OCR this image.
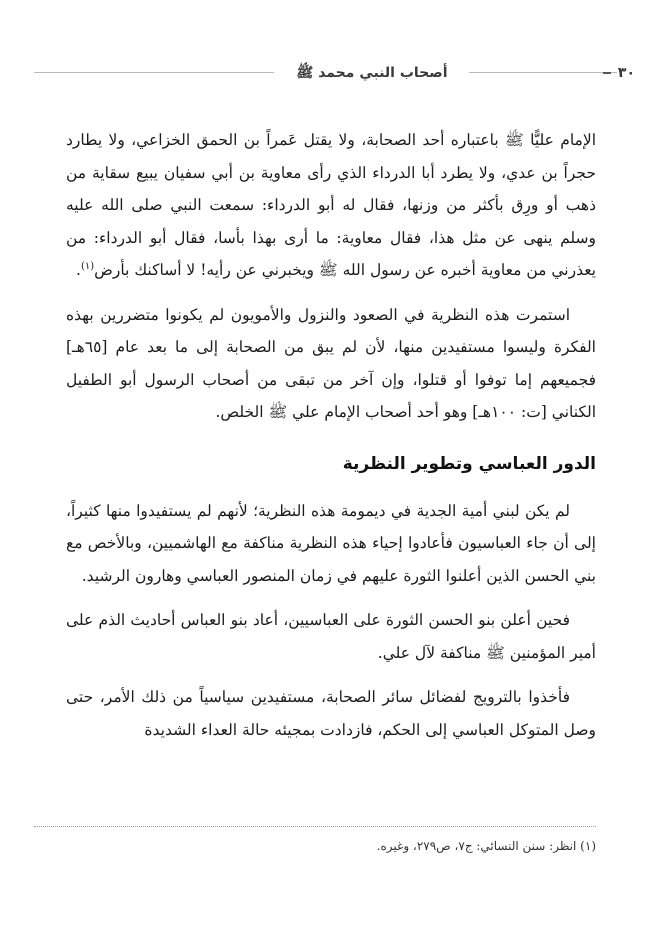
أصحاب النبي محمد ﷺ	٣٠

الإمام عليًّا ﷺ باعتباره أحد الصحابة، ولا يقتل عَمراً بن الحمق الخزاعي، ولا يطارد حجراً بن عدي، ولا يطرد أبا الدرداء الذي رأى معاوية بن أبي سفيان يبيع سقاية من ذهب أو ورِق بأكثر من وزنها، فقال له أبو الدرداء: سمعت النبي صلى الله عليه وسلم ينهى عن مثل هذا، فقال معاوية: ما أرى بهذا بأسا، فقال أبو الدرداء: من يعذرني من معاوية أخبره عن رسول الله ﷺ ويخبرني عن رأيه! لا أساكنك بأرض$^{(١)}$.

استمرت هذه النظرية في الصعود والنزول والأمويون لم يكونوا متضررين بهذه الفكرة وليسوا مستفيدين منها، لأن لم يبق من الصحابة إلى ما بعد عام [٦٥هـ] فجميعهم إما توفوا أو قتلوا، وإن آخر من تبقى من أصحاب الرسول أبو الطفيل الكناني [ت: ١٠٠هـ] وهو أحد أصحاب الإمام علي ﷺ الخلص.

الدور العباسي وتطوير النظرية

لم يكن لبني أمية الجدية في ديمومة هذه النظرية؛ لأنهم لم يستفيدوا منها كثيراً، إلى أن جاء العباسيون فأعادوا إحياء هذه النظرية مناكفة مع الهاشميين، وبالأخص مع بني الحسن الذين أعلنوا الثورة عليهم في زمان المنصور العباسي وهارون الرشيد.

فحين أعلن بنو الحسن الثورة على العباسيين، أعاد بنو العباس أحاديث الذم على أمير المؤمنين ﷺ مناكفة لآل علي.

فأخذوا بالترويج لفضائل سائر الصحابة، مستفيدين سياسياً من ذلك الأمر، حتى وصل المتوكل العباسي إلى الحكم، فازدادت بمجيئه حالة العداء الشديدة

(١) انظر: سنن النسائي: ج٧، ص٢٧٩، وغيره.
